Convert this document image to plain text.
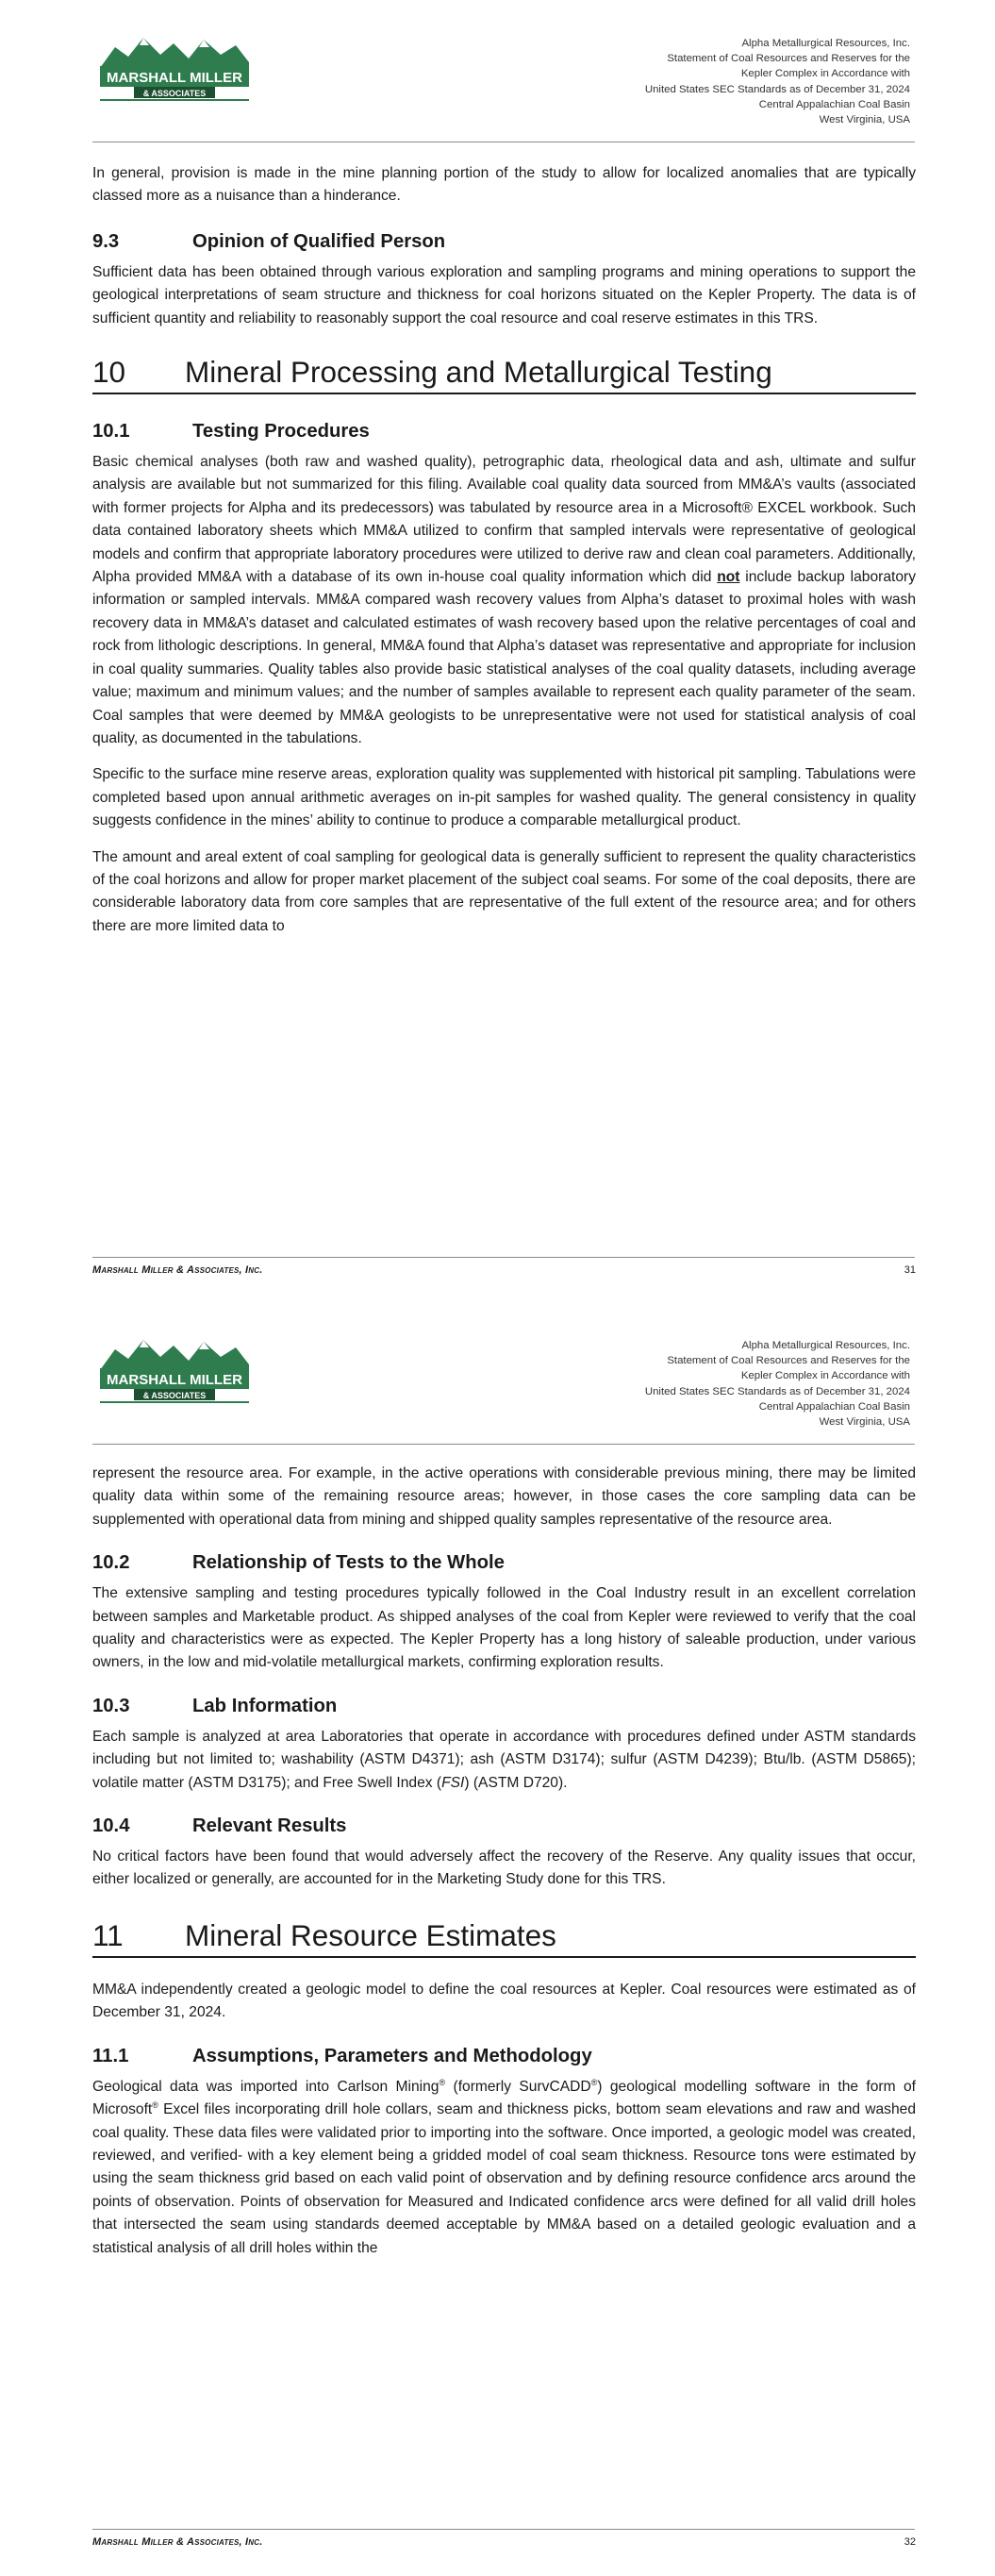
MARSHALL MILLER
& ASSOCIATES
Alpha Metallurgical Resources, Inc.
Statement of Coal Resources and Reserves for the
Kepler Complex in Accordance with
United States SEC Standards as of December 31, 2024
Central Appalachian Coal Basin
West Virginia, USA

In general, provision is made in the mine planning portion of the study to allow for localized anomalies that are typically classed more as a nuisance than a hinderance.

9.3	Opinion of Qualified Person

Sufficient data has been obtained through various exploration and sampling programs and mining operations to support the geological interpretations of seam structure and thickness for coal horizons situated on the Kepler Property. The data is of sufficient quantity and reliability to reasonably support the coal resource and coal reserve estimates in this TRS.

10	Mineral Processing and Metallurgical Testing
10.1	Testing Procedures

Basic chemical analyses (both raw and washed quality), petrographic data, rheological data and ash, ultimate and sulfur analysis are available but not summarized for this filing. Available coal quality data sourced from MM&A’s vaults (associated with former projects for Alpha and its predecessors) was tabulated by resource area in a Microsoft® EXCEL workbook. Such data contained laboratory sheets which MM&A utilized to confirm that sampled intervals were representative of geological models and confirm that appropriate laboratory procedures were utilized to derive raw and clean coal parameters. Additionally, Alpha provided MM&A with a database of its own in-house coal quality information which did not include backup laboratory information or sampled intervals. MM&A compared wash recovery values from Alpha’s dataset to proximal holes with wash recovery data in MM&A’s dataset and calculated estimates of wash recovery based upon the relative percentages of coal and rock from lithologic descriptions. In general, MM&A found that Alpha’s dataset was representative and appropriate for inclusion in coal quality summaries. Quality tables also provide basic statistical analyses of the coal quality datasets, including average value; maximum and minimum values; and the number of samples available to represent each quality parameter of the seam. Coal samples that were deemed by MM&A geologists to be unrepresentative were not used for statistical analysis of coal quality, as documented in the tabulations.

Specific to the surface mine reserve areas, exploration quality was supplemented with historical pit sampling. Tabulations were completed based upon annual arithmetic averages on in-pit samples for washed quality. The general consistency in quality suggests confidence in the mines’ ability to continue to produce a comparable metallurgical product.

The amount and areal extent of coal sampling for geological data is generally sufficient to represent the quality characteristics of the coal horizons and allow for proper market placement of the subject coal seams. For some of the coal deposits, there are considerable laboratory data from core samples that are representative of the full extent of the resource area; and for others there are more limited data to

Marshall Miller & Associates, Inc.	31
MARSHALL MILLER
& ASSOCIATES
Alpha Metallurgical Resources, Inc.
Statement of Coal Resources and Reserves for the
Kepler Complex in Accordance with
United States SEC Standards as of December 31, 2024
Central Appalachian Coal Basin
West Virginia, USA

represent the resource area. For example, in the active operations with considerable previous mining, there may be limited quality data within some of the remaining resource areas; however, in those cases the core sampling data can be supplemented with operational data from mining and shipped quality samples representative of the resource area.

10.2	Relationship of Tests to the Whole

The extensive sampling and testing procedures typically followed in the Coal Industry result in an excellent correlation between samples and Marketable product. As shipped analyses of the coal from Kepler were reviewed to verify that the coal quality and characteristics were as expected. The Kepler Property has a long history of saleable production, under various owners, in the low and mid-volatile metallurgical markets, confirming exploration results.

10.3	Lab Information

Each sample is analyzed at area Laboratories that operate in accordance with procedures defined under ASTM standards including but not limited to; washability (ASTM D4371); ash (ASTM D3174); sulfur (ASTM D4239); Btu/lb. (ASTM D5865); volatile matter (ASTM D3175); and Free Swell Index (FSI) (ASTM D720).

10.4	Relevant Results

No critical factors have been found that would adversely affect the recovery of the Reserve. Any quality issues that occur, either localized or generally, are accounted for in the Marketing Study done for this TRS.

11	Mineral Resource Estimates

MM&A independently created a geologic model to define the coal resources at Kepler. Coal resources were estimated as of December 31, 2024.

11.1	Assumptions, Parameters and Methodology

Geological data was imported into Carlson Mining® (formerly SurvCADD®) geological modelling software in the form of Microsoft® Excel files incorporating drill hole collars, seam and thickness picks, bottom seam elevations and raw and washed coal quality. These data files were validated prior to importing into the software. Once imported, a geologic model was created, reviewed, and verified- with a key element being a gridded model of coal seam thickness. Resource tons were estimated by using the seam thickness grid based on each valid point of observation and by defining resource confidence arcs around the points of observation. Points of observation for Measured and Indicated confidence arcs were defined for all valid drill holes that intersected the seam using standards deemed acceptable by MM&A based on a detailed geologic evaluation and a statistical analysis of all drill holes within the

Marshall Miller & Associates, Inc.	32
